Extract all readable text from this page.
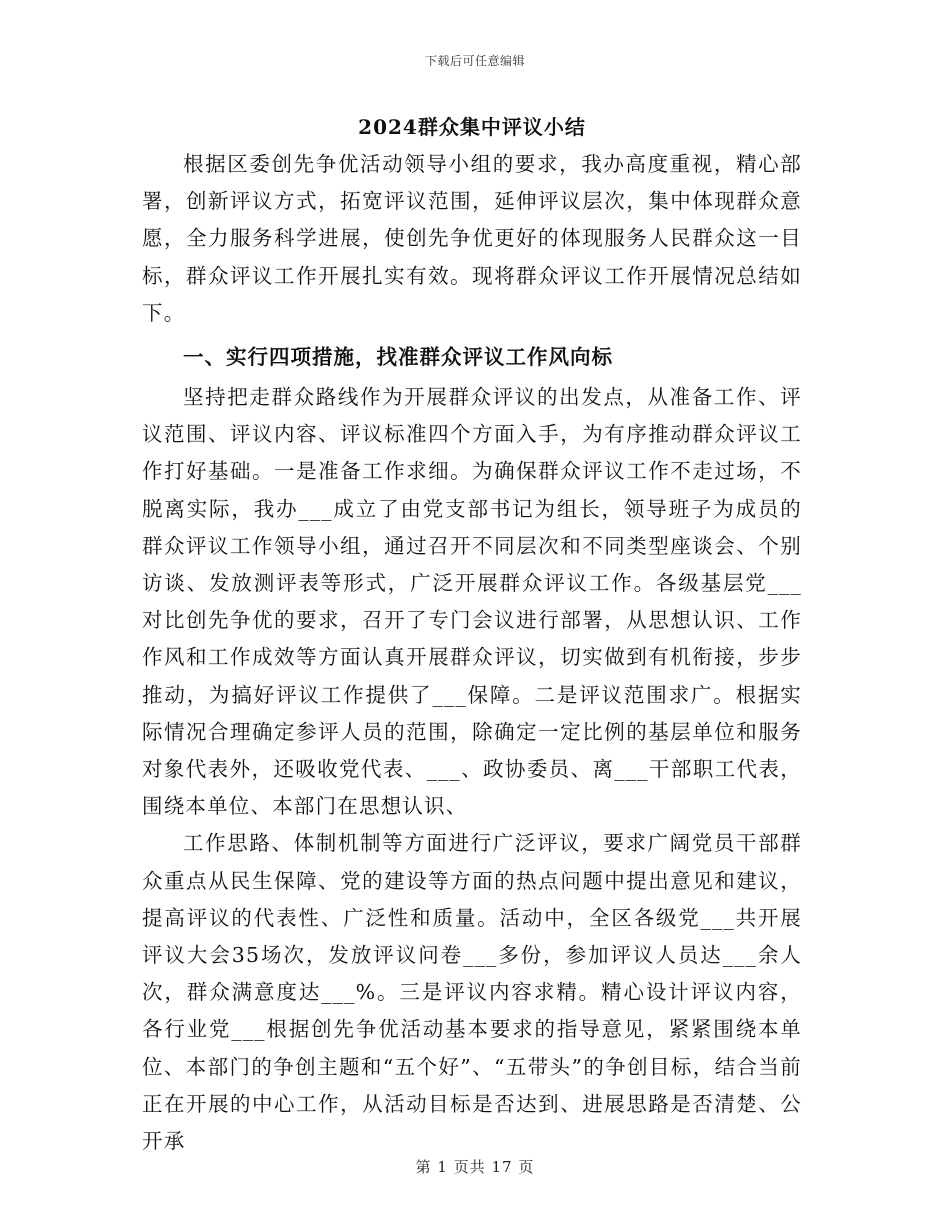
下载后可任意编辑
2024群众集中评议小结

根据区委创先争优活动领导小组的要求，我办高度重视，精心部署，创新评议方式，拓宽评议范围，延伸评议层次，集中体现群众意愿，全力服务科学进展，使创先争优更好的体现服务人民群众这一目标，群众评议工作开展扎实有效。现将群众评议工作开展情况总结如下。

一、实行四项措施，找准群众评议工作风向标

坚持把走群众路线作为开展群众评议的出发点，从准备工作、评议范围、评议内容、评议标准四个方面入手，为有序推动群众评议工作打好基础。一是准备工作求细。为确保群众评议工作不走过场，不脱离实际，我办___成立了由党支部书记为组长，领导班子为成员的群众评议工作领导小组，通过召开不同层次和不同类型座谈会、个别访谈、发放测评表等形式，广泛开展群众评议工作。各级基层党___对比创先争优的要求，召开了专门会议进行部署，从思想认识、工作作风和工作成效等方面认真开展群众评议，切实做到有机衔接，步步推动，为搞好评议工作提供了___保障。二是评议范围求广。根据实际情况合理确定参评人员的范围，除确定一定比例的基层单位和服务对象代表外，还吸收党代表、___、政协委员、离___干部职工代表，围绕本单位、本部门在思想认识、

工作思路、体制机制等方面进行广泛评议，要求广阔党员干部群众重点从民生保障、党的建设等方面的热点问题中提出意见和建议，提高评议的代表性、广泛性和质量。活动中，全区各级党___共开展评议大会35场次，发放评议问卷___多份，参加评议人员达___余人次，群众满意度达___%。三是评议内容求精。精心设计评议内容，各行业党___根据创先争优活动基本要求的指导意见，紧紧围绕本单位、本部门的争创主题和“五个好”、“五带头”的争创目标，结合当前正在开展的中心工作，从活动目标是否达到、进展思路是否清楚、公开承

第 1 页共 17 页
